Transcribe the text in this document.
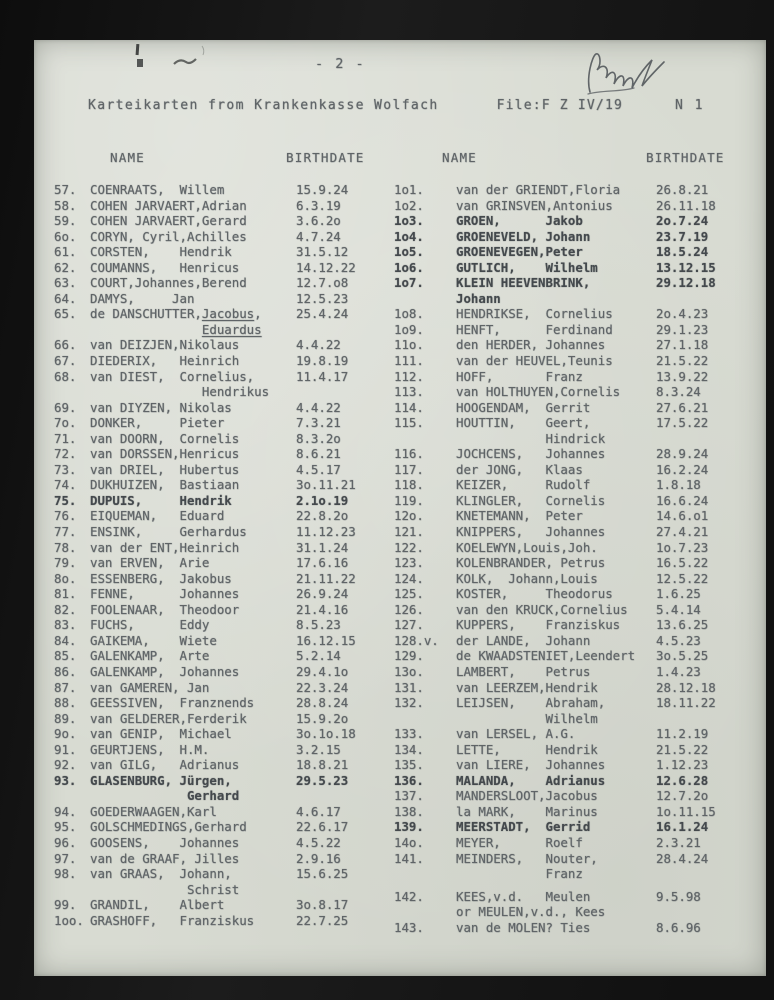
- 2 -
Karteikarten from Krankenkasse Wolfach	File:F Z IV/19	N 1
NAME	BIRTHDATE	NAME	BIRTHDATE
57.	COENRAATS,  Willem	15.9.24
58.	COHEN JARVAERT,Adrian	6.3.19
59.	COHEN JARVAERT,Gerard	3.6.2o
6o.	CORYN, Cyril,Achilles	4.7.24
61.	CORSTEN,    Hendrik	31.5.12
62.	COUMANNS,   Henricus	14.12.22
63.	COURT,Johannes,Berend	12.7.o8
64.	DAMYS,     Jan	12.5.23
65.	de DANSCHUTTER,Jacobus,	25.4.24
Eduardus
66.	van DEIZJEN,Nikolaus	4.4.22
67.	DIEDERIX,   Heinrich	19.8.19
68.	van DIEST,  Cornelius,	11.4.17
Hendrikus
69.	van DIYZEN, Nikolas	4.4.22
7o.	DONKER,     Pieter	7.3.21
71.	van DOORN,  Cornelis	8.3.2o
72.	van DORSSEN,Henricus	8.6.21
73.	van DRIEL,  Hubertus	4.5.17
74.	DUKHUIZEN,  Bastiaan	3o.11.21
75.	DUPUIS,     Hendrik	2.1o.19
76.	EIQUEMAN,   Eduard	22.8.2o
77.	ENSINK,     Gerhardus	11.12.23
78.	van der ENT,Heinrich	31.1.24
79.	van ERVEN,  Arie	17.6.16
8o.	ESSENBERG,  Jakobus	21.11.22
81.	FENNE,      Johannes	26.9.24
82.	FOOLENAAR,  Theodoor	21.4.16
83.	FUCHS,      Eddy	8.5.23
84.	GAIKEMA,    Wiete	16.12.15
85.	GALENKAMP,  Arte	5.2.14
86.	GALENKAMP,  Johannes	29.4.1o
87.	van GAMEREN, Jan	22.3.24
88.	GEESSIVEN,  Franznends	28.8.24
89.	van GELDERER,Ferderik	15.9.2o
9o.	van GENIP,  Michael	3o.1o.18
91.	GEURTJENS,  H.M.	3.2.15
92.	van GILG,   Adrianus	18.8.21
93.	GLASENBURG, Jürgen,	29.5.23
Gerhard
94.	GOEDERWAAGEN,Karl	4.6.17
95.	GOLSCHMEDINGS,Gerhard	22.6.17
96.	GOOSENS,    Johannes	4.5.22
97.	van de GRAAF, Jilles	2.9.16
98.	van GRAAS,  Johann,	15.6.25
Schrist
99.	GRANDIL,    Albert	3o.8.17
1oo. GRASHOFF,   Franziskus	22.7.25
1o1.	van der GRIENDT,Floria	26.8.21
1o2.	van GRINSVEN,Antonius	26.11.18
1o3.	GROEN,      Jakob	2o.7.24
1o4.	GROENEVELD, Johann	23.7.19
1o5.	GROENEVEGEN,Peter	18.5.24
1o6.	GUTLICH,    Wilhelm	13.12.15
1o7.	KLEIN HEEVENBRINK,	29.12.18
Johann
1o8.	HENDRIKSE,  Cornelius	2o.4.23
1o9.	HENFT,      Ferdinand	29.1.23
11o.	den HERDER, Johannes	27.1.18
111.	van der HEUVEL,Teunis	21.5.22
112.	HOFF,       Franz	13.9.22
113.	van HOLTHUYEN,Cornelis	8.3.24
114.	HOOGENDAM,  Gerrit	27.6.21
115.	HOUTTIN,    Geert,	17.5.22
Hindrick
116.	JOCHCENS,   Johannes	28.9.24
117.	der JONG,   Klaas	16.2.24
118.	KEIZER,     Rudolf	1.8.18
119.	KLINGLER,   Cornelis	16.6.24
12o.	KNETEMANN,  Peter	14.6.o1
121.	KNIPPERS,   Johannes	27.4.21
122.	KOELEWYN,Louis,Joh.	1o.7.23
123.	KOLENBRANDER, Petrus	16.5.22
124.	KOLK,  Johann,Louis	12.5.22
125.	KOSTER,     Theodorus	1.6.25
126.	van den KRUCK,Cornelius	5.4.14
127.	KUPPERS,    Franziskus	13.6.25
128.v.	der LANDE,  Johann	4.5.23
129.	de KWAADSTENIET,Leendert	3o.5.25
13o.	LAMBERT,    Petrus	1.4.23
131.	van LEERZEM,Hendrik	28.12.18
132.	LEIJSEN,    Abraham,	18.11.22
Wilhelm
133.	van LERSEL, A.G.	11.2.19
134.	LETTE,      Hendrik	21.5.22
135.	van LIERE,  Johannes	1.12.23
136.	MALANDA,    Adrianus	12.6.28
137.	MANDERSLOOT,Jacobus	12.7.2o
138.	la MARK,    Marinus	1o.11.15
139.	MEERSTADT,  Gerrid	16.1.24
14o.	MEYER,      Roelf	2.3.21
141.	MEINDERS,   Nouter,	28.4.24
Franz
142.	KEES,v.d.   Meulen	9.5.98
or MEULEN,v.d., Kees
143.	van de MOLEN? Ties	8.6.96
